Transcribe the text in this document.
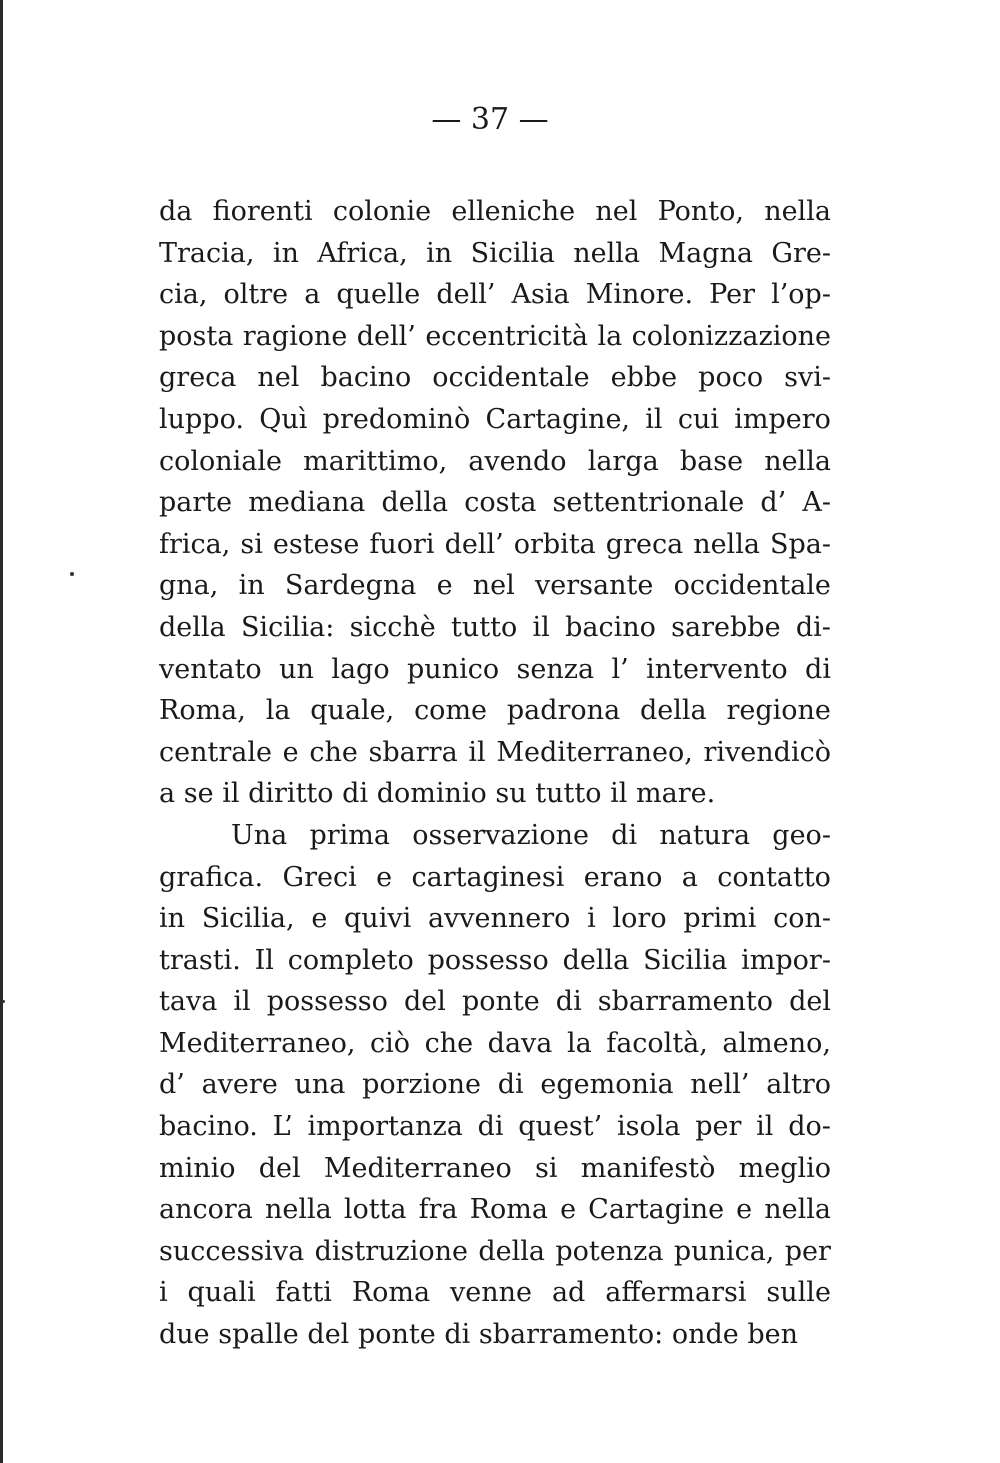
— 37 —
da fiorenti colonie elleniche nel Ponto, nella
Tracia, in Africa, in Sicilia nella Magna Gre-
cia, oltre a quelle dell’ Asia Minore. Per l’op-
posta ragione dell’ eccentricità la colonizzazione
greca nel bacino occidentale ebbe poco svi-
luppo. Quì predominò Cartagine, il cui impero
coloniale marittimo, avendo larga base nella
parte mediana della costa settentrionale d’ A-
frica, si estese fuori dell’ orbita greca nella Spa-
gna, in Sardegna e nel versante occidentale
della Sicilia: sicchè tutto il bacino sarebbe di-
ventato un lago punico senza l’ intervento di
Roma, la quale, come padrona della regione
centrale e che sbarra il Mediterraneo, rivendicò
a se il diritto di dominio su tutto il mare.
Una prima osservazione di natura geo-
grafica. Greci e cartaginesi erano a contatto
in Sicilia, e quivi avvennero i loro primi con-
trasti. Il completo possesso della Sicilia impor-
tava il possesso del ponte di sbarramento del
Mediterraneo, ciò che dava la facoltà, almeno,
d’ avere una porzione di egemonia nell’ altro
bacino. L’ importanza di quest’ isola per il do-
minio del Mediterraneo si manifestò meglio
ancora nella lotta fra Roma e Cartagine e nella
successiva distruzione della potenza punica, per
i quali fatti Roma venne ad affermarsi sulle
due spalle del ponte di sbarramento: onde ben
